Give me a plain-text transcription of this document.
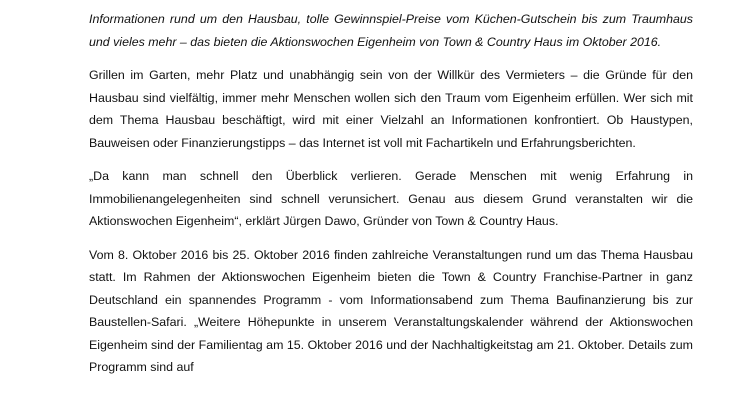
Informationen rund um den Hausbau, tolle Gewinnspiel-Preise vom Küchen-Gutschein bis zum Traumhaus und vieles mehr – das bieten die Aktionswochen Eigenheim von Town & Country Haus im Oktober 2016.

Grillen im Garten, mehr Platz und unabhängig sein von der Willkür des Vermieters – die Gründe für den Hausbau sind vielfältig, immer mehr Menschen wollen sich den Traum vom Eigenheim erfüllen. Wer sich mit dem Thema Hausbau beschäftigt, wird mit einer Vielzahl an Informationen konfrontiert. Ob Haustypen, Bauweisen oder Finanzierungstipps – das Internet ist voll mit Fachartikeln und Erfahrungsberichten.

„Da kann man schnell den Überblick verlieren. Gerade Menschen mit wenig Erfahrung in Immobilienangelegenheiten sind schnell verunsichert. Genau aus diesem Grund veranstalten wir die Aktionswochen Eigenheim“, erklärt Jürgen Dawo, Gründer von Town & Country Haus.

Vom 8. Oktober 2016 bis 25. Oktober 2016 finden zahlreiche Veranstaltungen rund um das Thema Hausbau statt. Im Rahmen der Aktionswochen Eigenheim bieten die Town & Country Franchise-Partner in ganz Deutschland ein spannendes Programm - vom Informationsabend zum Thema Baufinanzierung bis zur Baustellen-Safari. „Weitere Höhepunkte in unserem Veranstaltungskalender während der Aktionswochen Eigenheim sind der Familientag am 15. Oktober 2016 und der Nachhaltigkeitstag am 21. Oktober. Details zum Programm sind auf
